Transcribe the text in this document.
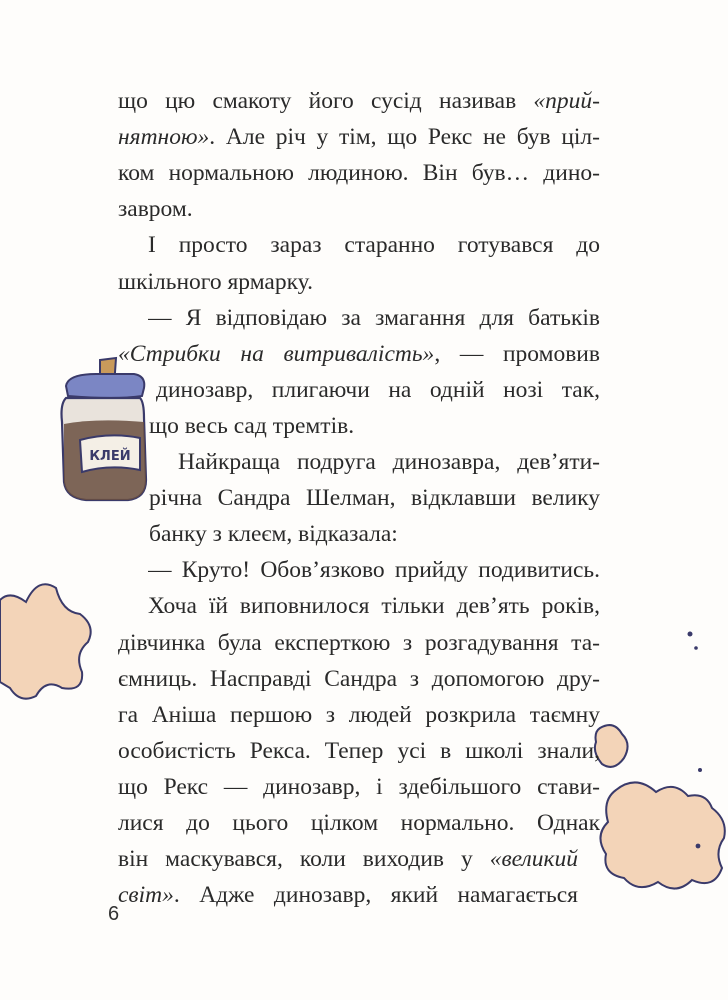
КЛЕЙ
що цю смакоту його сусід називав «прий-
нятною». Але річ у тім, що Рекс не був ціл-
ком нормальною людиною. Він був… дино-
завром.
І просто зараз старанно готувався до
шкільного ярмарку.
— Я відповідаю за змагання для батьків
«Стрибки на витривалість», — промовив
динозавр, плигаючи на одній нозі так,
що весь сад тремтів.
Найкраща подруга динозавра, дев’яти-
річна Сандра Шелман, відклавши велику
банку з клеєм, відказала:
— Круто! Обов’язково прийду подивитись.
Хоча їй виповнилося тільки дев’ять років,
дівчинка була експерткою з розгадування та-
ємниць. Насправді Сандра з допомогою дру-
га Аніша першою з людей розкрила таємну
особистість Рекса. Тепер усі в школі знали,
що Рекс — динозавр, і здебільшого стави-
лися до цього цілком нормально. Однак
він маскувався, коли виходив у «великий
світ». Адже динозавр, який намагається
6
